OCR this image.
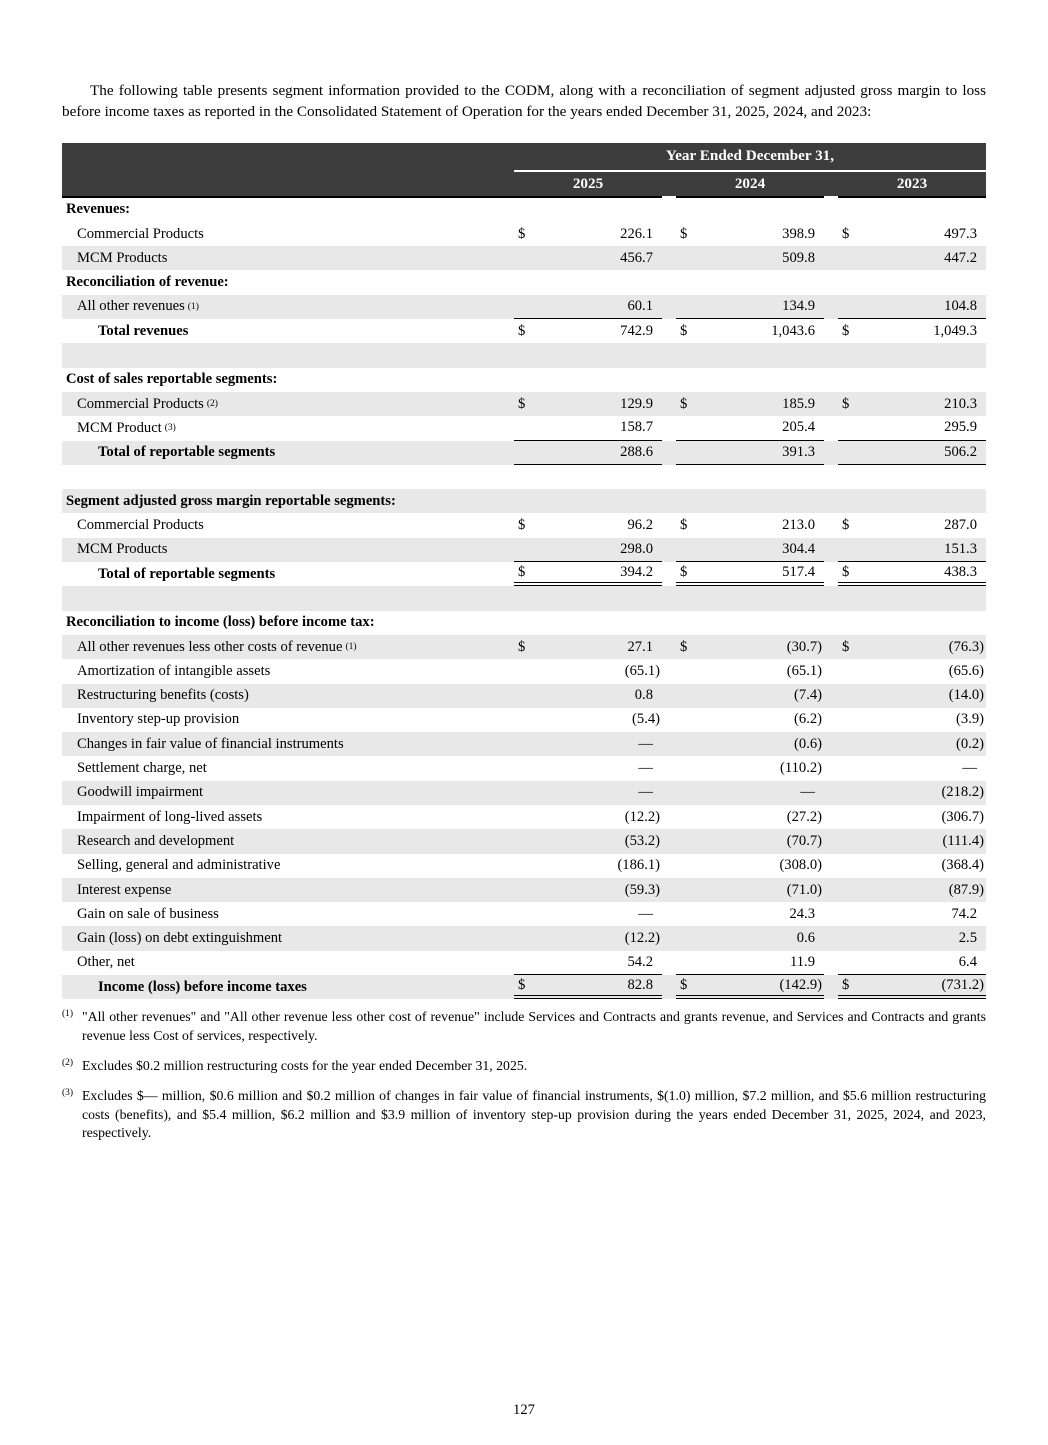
The following table presents segment information provided to the CODM, along with a reconciliation of segment adjusted gross margin to loss before income taxes as reported in the Consolidated Statement of Operation for the years ended December 31, 2025, 2024, and 2023:

Year Ended December 31,
2025	2024	2023
Revenues:
Commercial Products	$	226.1	$	398.9	$	497.3
MCM Products	456.7	509.8	447.2
Reconciliation of revenue:
All other revenues (1)	60.1	134.9	104.8
Total revenues	$	742.9	$	1,043.6	$	1,049.3
Cost of sales reportable segments:
Commercial Products (2)	$	129.9	$	185.9	$	210.3
MCM Product (3)	158.7	205.4	295.9
Total of reportable segments	288.6	391.3	506.2
Segment adjusted gross margin reportable segments:
Commercial Products	$	96.2	$	213.0	$	287.0
MCM Products	298.0	304.4	151.3
Total of reportable segments	$	394.2	$	517.4	$	438.3
Reconciliation to income (loss) before income tax:
All other revenues less other costs of revenue (1)	$	27.1	$	(30.7) $	(76.3)
Amortization of intangible assets	(65.1)	(65.1)	(65.6)
Restructuring benefits (costs)	0.8	(7.4)	(14.0)
Inventory step-up provision	(5.4)	(6.2)	(3.9)
Changes in fair value of financial instruments	—	(0.6)	(0.2)
Settlement charge, net	—	(110.2)	—
Goodwill impairment	—	—	(218.2)
Impairment of long-lived assets	(12.2)	(27.2)	(306.7)
Research and development	(53.2)	(70.7)	(111.4)
Selling, general and administrative	(186.1)	(308.0)	(368.4)
Interest expense	(59.3)	(71.0)	(87.9)
Gain on sale of business	—	24.3	74.2
Gain (loss) on debt extinguishment	(12.2)	0.6	2.5
Other, net	54.2	11.9	6.4
Income (loss) before income taxes	$	82.8	$	(142.9) $	(731.2)
(1) "All other revenues" and "All other revenue less other cost of revenue" include Services and Contracts and grants revenue, and Services and Contracts and grants revenue less Cost of services, respectively.
(2) Excludes $0.2 million restructuring costs for the year ended December 31, 2025.
(3) Excludes $— million, $0.6 million and $0.2 million of changes in fair value of financial instruments, $(1.0) million, $7.2 million, and $5.6 million restructuring costs (benefits), and $5.4 million, $6.2 million and $3.9 million of inventory step-up provision during the years ended December 31, 2025, 2024, and 2023, respectively.
127
